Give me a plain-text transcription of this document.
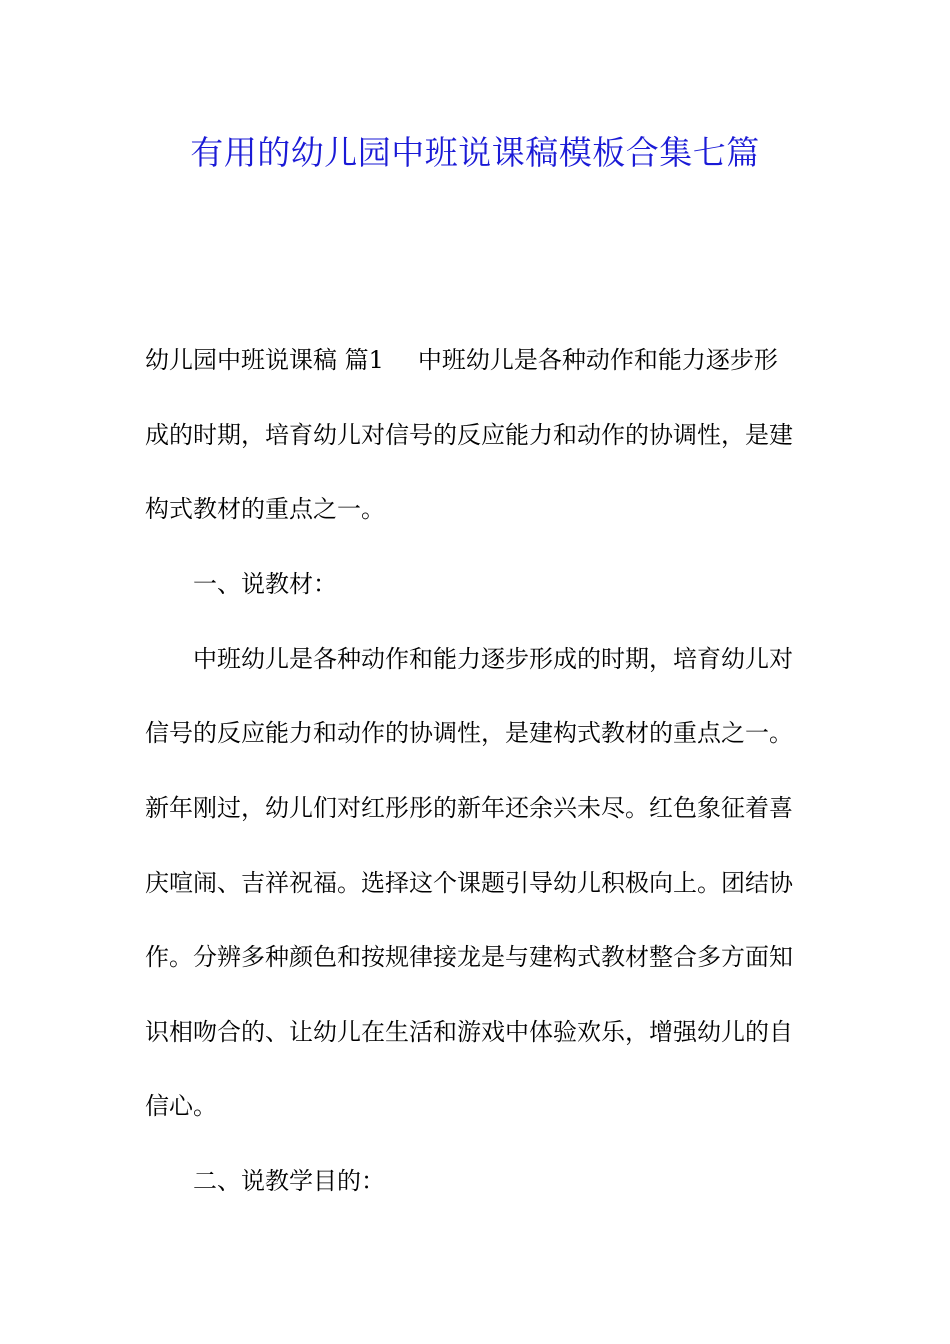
有用的幼儿园中班说课稿模板合集七篇
幼儿园中班说课稿 篇1 中班幼儿是各种动作和能力逐步形
成的时期，培育幼儿对信号的反应能力和动作的协调性，是建
构式教材的重点之一。
一、说教材：
中班幼儿是各种动作和能力逐步形成的时期，培育幼儿对
信号的反应能力和动作的协调性，是建构式教材的重点之一。
新年刚过，幼儿们对红彤彤的新年还余兴未尽。红色象征着喜
庆喧闹、吉祥祝福。选择这个课题引导幼儿积极向上。团结协
作。分辨多种颜色和按规律接龙是与建构式教材整合多方面知
识相吻合的、让幼儿在生活和游戏中体验欢乐，增强幼儿的自
信心。
二、说教学目的：
